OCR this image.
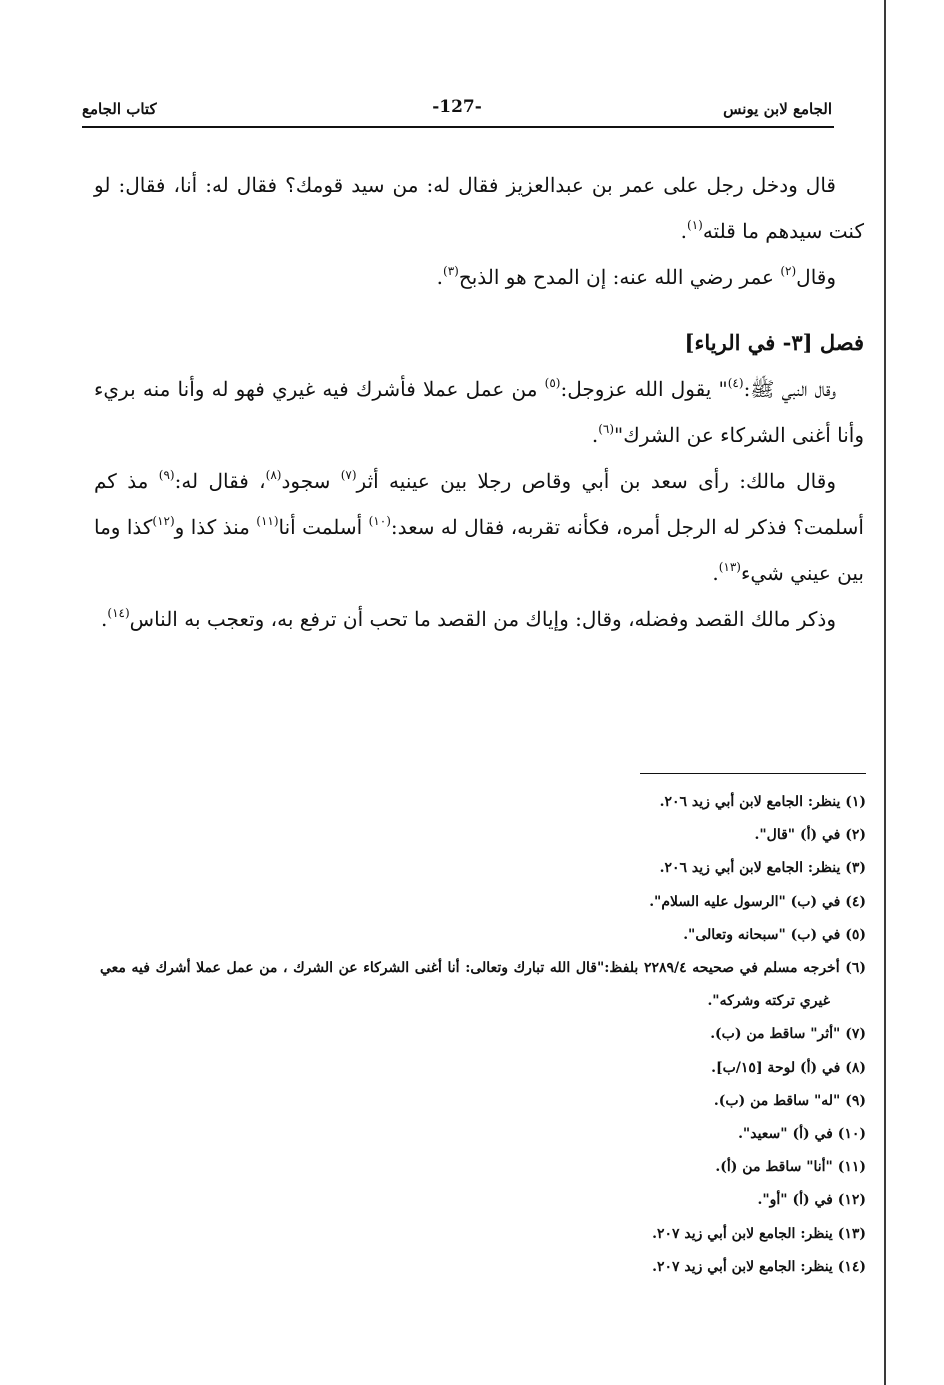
الجامع لابن يونس
-127-
كتاب الجامع

قال ودخل رجل على عمر بن عبدالعزيز فقال له: من سيد قومك؟ فقال له: أنا، فقال: لو كنت سيدهم ما قلته$^{(١)}$.

وقال$^{(٢)}$ عمر رضي الله عنه: إن المدح هو الذبح$^{(٣)}$.

فصل [٣- في الرياء]

وقال النبي ﷺ:$^{(٤)}$" يقول الله عزوجل:$^{(٥)}$ من عمل عملا فأشرك فيه غيري فهو له وأنا منه بريء وأنا أغنى الشركاء عن الشرك"$^{(٦)}$.

وقال مالك: رأى سعد بن أبي وقاص رجلا بين عينيه أثر$^{(٧)}$ سجود$^{(٨)}$، فقال له:$^{(٩)}$ مذ كم أسلمت؟ فذكر له الرجل أمره، فكأنه تقربه، فقال له سعد:$^{(١٠)}$ أسلمت أنا$^{(١١)}$ منذ كذا و$^{(١٢)}$كذا وما بين عيني شيء$^{(١٣)}$.

وذكر مالك القصد وفضله، وقال: وإياك من القصد ما تحب أن ترفع به، وتعجب به الناس$^{(١٤)}$.

(١) ينظر: الجامع لابن أبي زيد ٢٠٦.
(٢) في (أ) "قال".
(٣) ينظر: الجامع لابن أبي زيد ٢٠٦.
(٤) في (ب) "الرسول عليه السلام".
(٥) في (ب) "سبحانه وتعالى".
(٦) أخرجه مسلم في صحيحه ٢٢٨٩/٤ بلفظ:"قال الله تبارك وتعالى: أنا أغنى الشركاء عن الشرك ، من عمل عملا أشرك فيه معي غيري تركته وشركه".
(٧) "أثر" ساقط من (ب).
(٨) في (أ) لوحة [١٥/ب].
(٩) "له" ساقط من (ب).
(١٠) في (أ) "سعيد".
(١١) "أنا" ساقط من (أ).
(١٢) في (أ) "أو".
(١٣) ينظر: الجامع لابن أبي زيد ٢٠٧.
(١٤) ينظر: الجامع لابن أبي زيد ٢٠٧.
